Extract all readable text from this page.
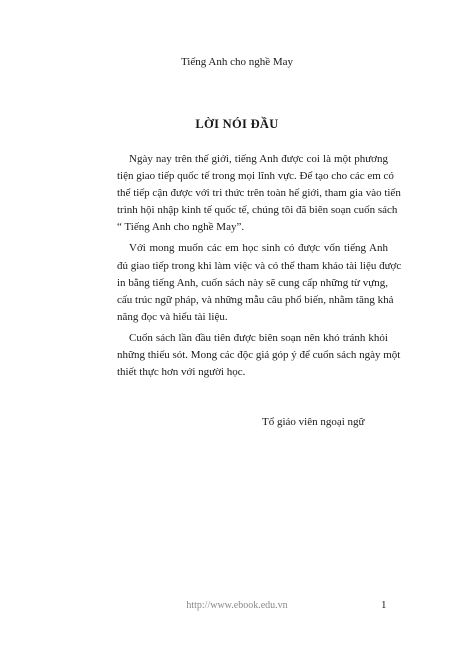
Tiếng Anh cho nghề May
LỜI NÓI ĐẦU

Ngày nay trên thế giới, tiếng Anh được coi là một phương
tiện giao tiếp quốc tế trong mọi lĩnh vực. Để tạo cho các em có
thể tiếp cận được với tri thức trên toàn hế giới, tham gia vào tiến
trình hội nhập kinh tế quốc tế, chúng tôi đã biên soạn cuốn sách
“ Tiếng Anh cho nghề May”.

Với mong muốn các em học sinh có được vốn tiếng Anh
đủ giao tiếp trong khi làm việc và có thể tham khảo tài liệu được
in bằng tiếng Anh, cuốn sách này sẽ cung cấp những từ vựng,
cấu trúc ngữ pháp, và những mẫu câu phổ biến, nhằm tăng khả
năng đọc và hiểu tài liệu.

Cuốn sách lần đầu tiên được biên soạn nên khó tránh khỏi
những thiếu sót. Mong các độc giả góp ý để cuốn sách ngày một
thiết thực hơn với người học.

Tổ giáo viên ngoại ngữ
http://www.ebook.edu.vn	1
